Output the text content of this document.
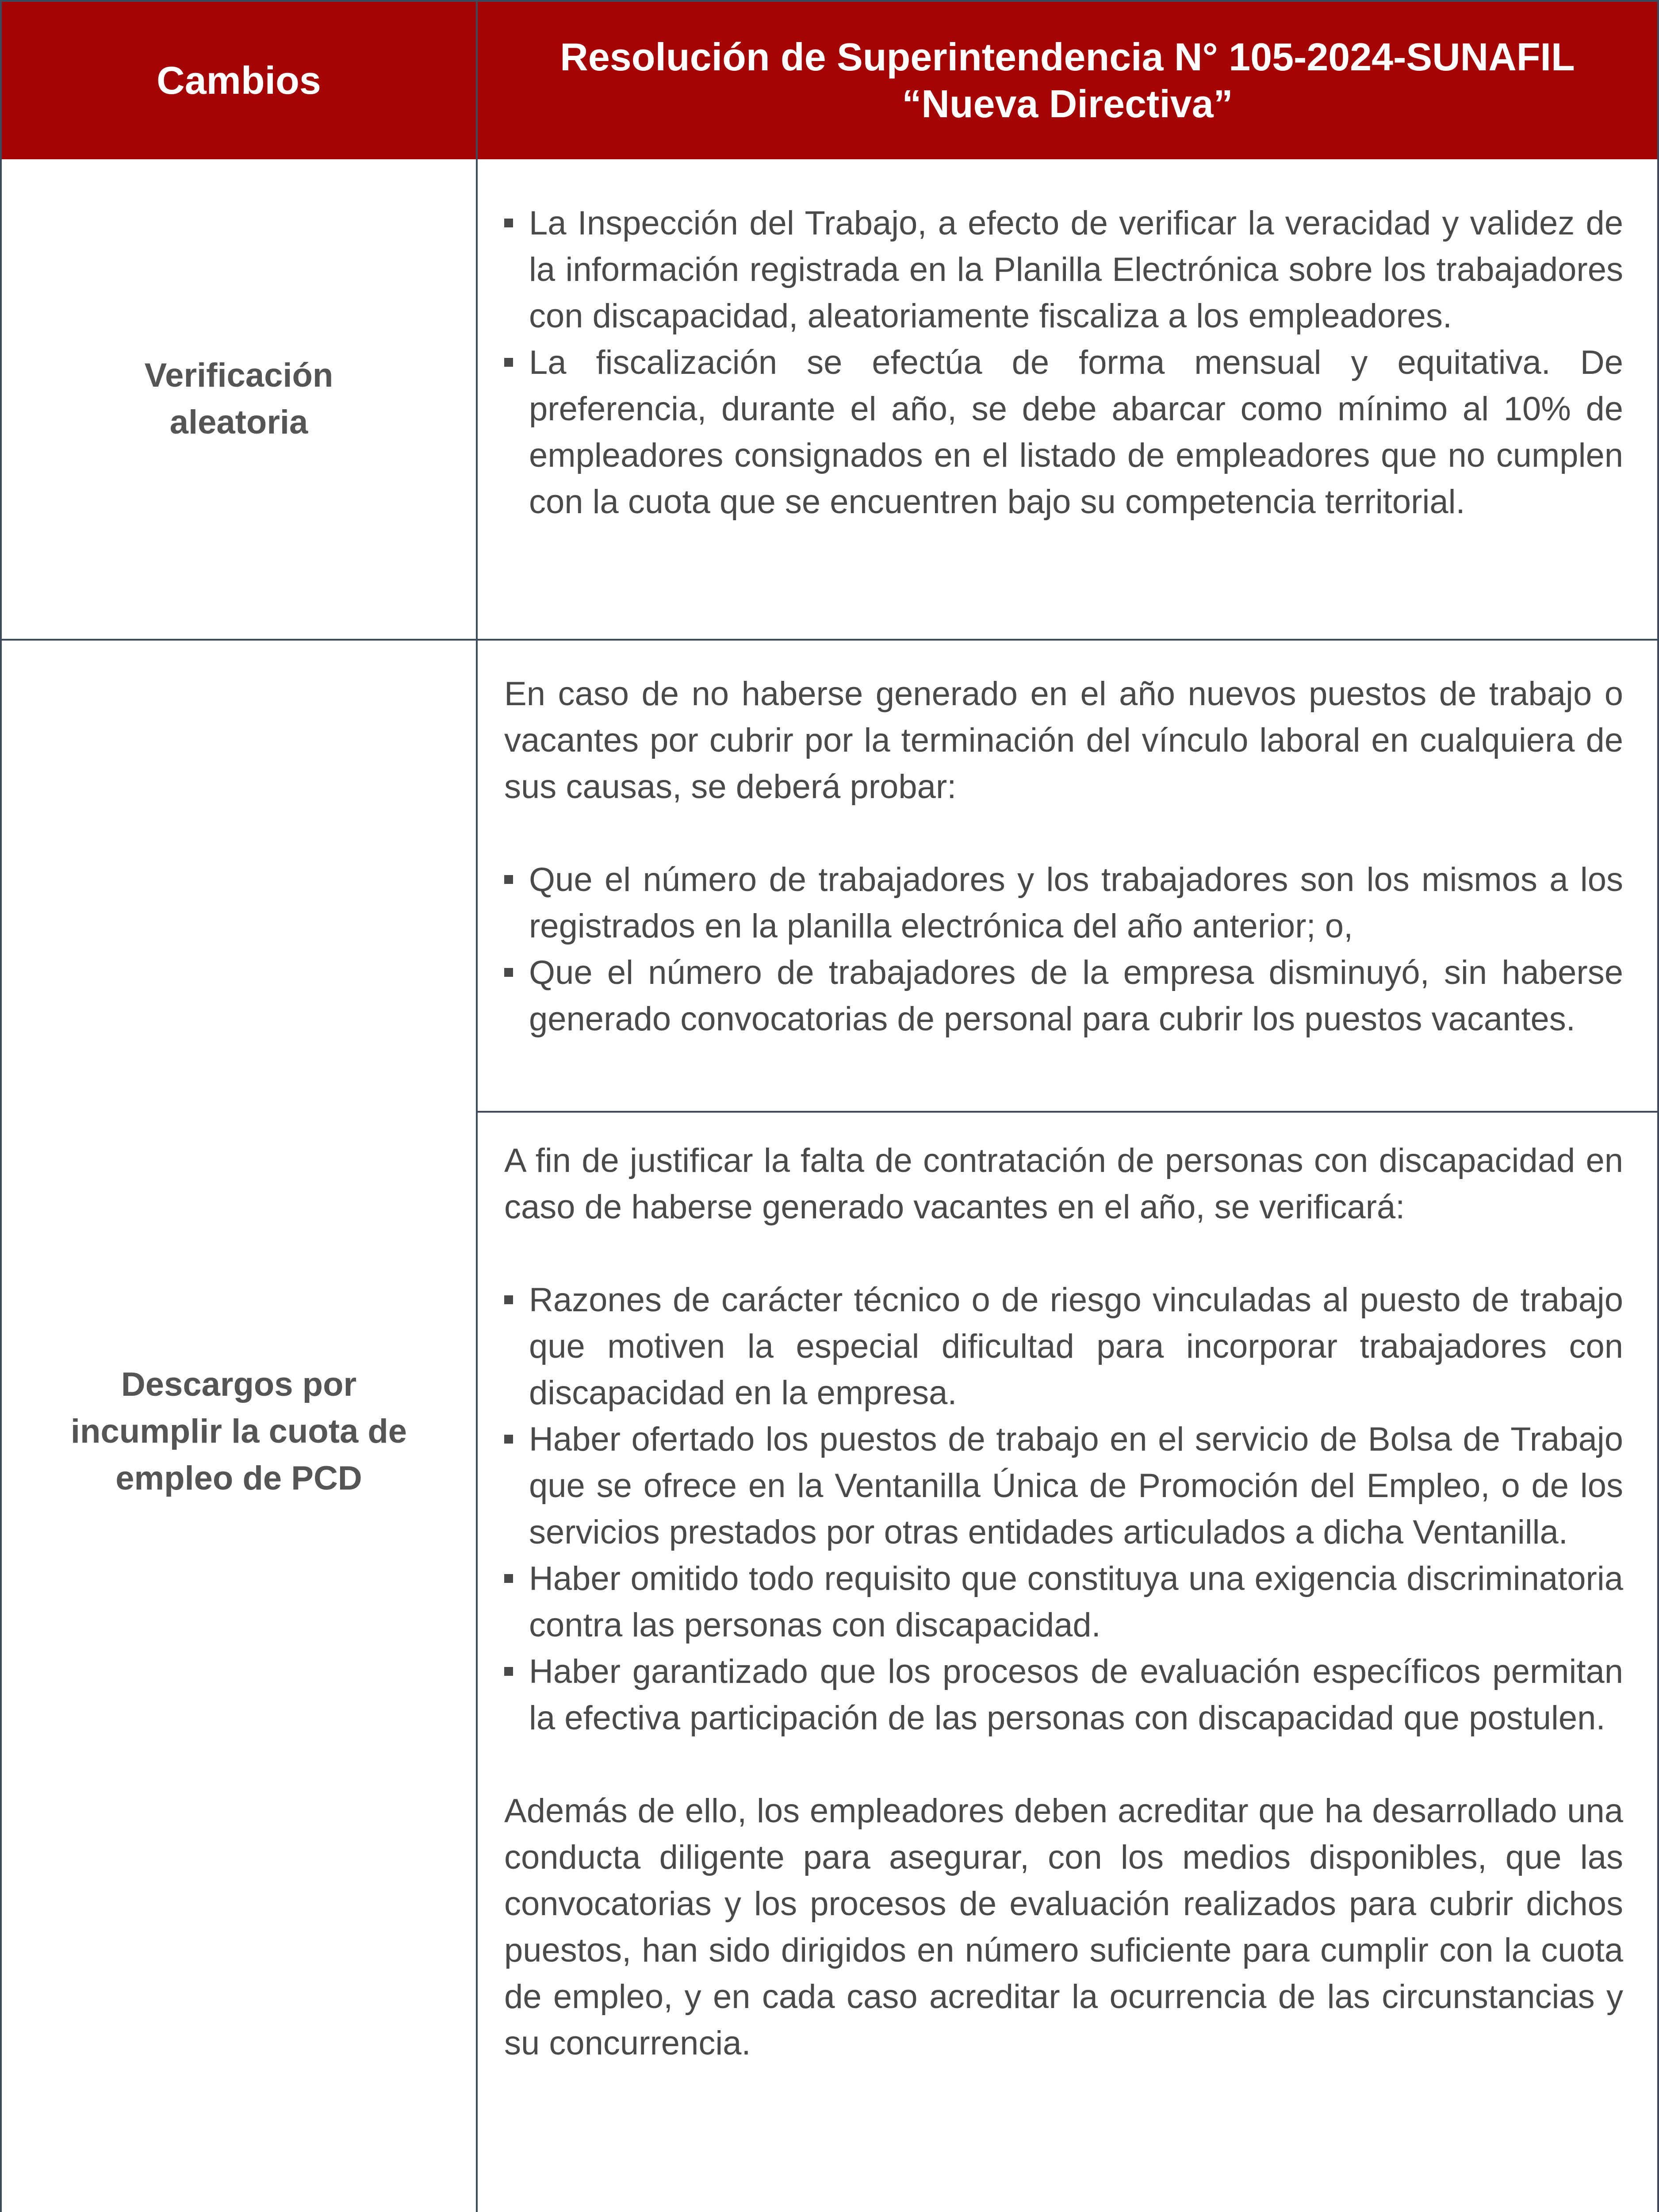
Cambios
Resolución de Superintendencia N° 105-2024-SUNAFIL
“Nueva Directiva”
Verificación
aleatoria
La Inspección del Trabajo, a efecto de verificar la veracidad y validez de la información registrada en la Planilla Electrónica sobre los trabajadores con discapacidad, aleatoriamente fiscaliza a los empleadores.
La fiscalización se efectúa de forma mensual y equitativa. De preferencia, durante el año, se debe abarcar como mínimo al 10% de empleadores consignados en el listado de empleadores que no cumplen con la cuota que se encuentren bajo su competencia territorial.
Descargos por
incumplir la cuota de
empleo de PCD

En caso de no haberse generado en el año nuevos puestos de trabajo o vacantes por cubrir por la terminación del vínculo laboral en cualquiera de sus causas, se deberá probar:

Que el número de trabajadores y los trabajadores son los mismos a los registrados en la planilla electrónica del año anterior; o,
Que el número de trabajadores de la empresa disminuyó, sin haberse generado convocatorias de personal para cubrir los puestos vacantes.

A fin de justificar la falta de contratación de personas con discapacidad en caso de haberse generado vacantes en el año, se verificará:

Razones de carácter técnico o de riesgo vinculadas al puesto de trabajo que motiven la especial dificultad para incorporar trabajadores con discapacidad en la empresa.
Haber ofertado los puestos de trabajo en el servicio de Bolsa de Trabajo que se ofrece en la Ventanilla Única de Promoción del Empleo, o de los servicios prestados por otras entidades articulados a dicha Ventanilla.
Haber omitido todo requisito que constituya una exigencia discriminatoria contra las personas con discapacidad.
Haber garantizado que los procesos de evaluación específicos permitan la efectiva participación de las personas con discapacidad que postulen.

Además de ello, los empleadores deben acreditar que ha desarrollado una conducta diligente para asegurar, con los medios disponibles, que las convocatorias y los procesos de evaluación realizados para cubrir dichos puestos, han sido dirigidos en número suficiente para cumplir con la cuota de empleo, y en cada caso acreditar la ocurrencia de las circunstancias y su concurrencia.
